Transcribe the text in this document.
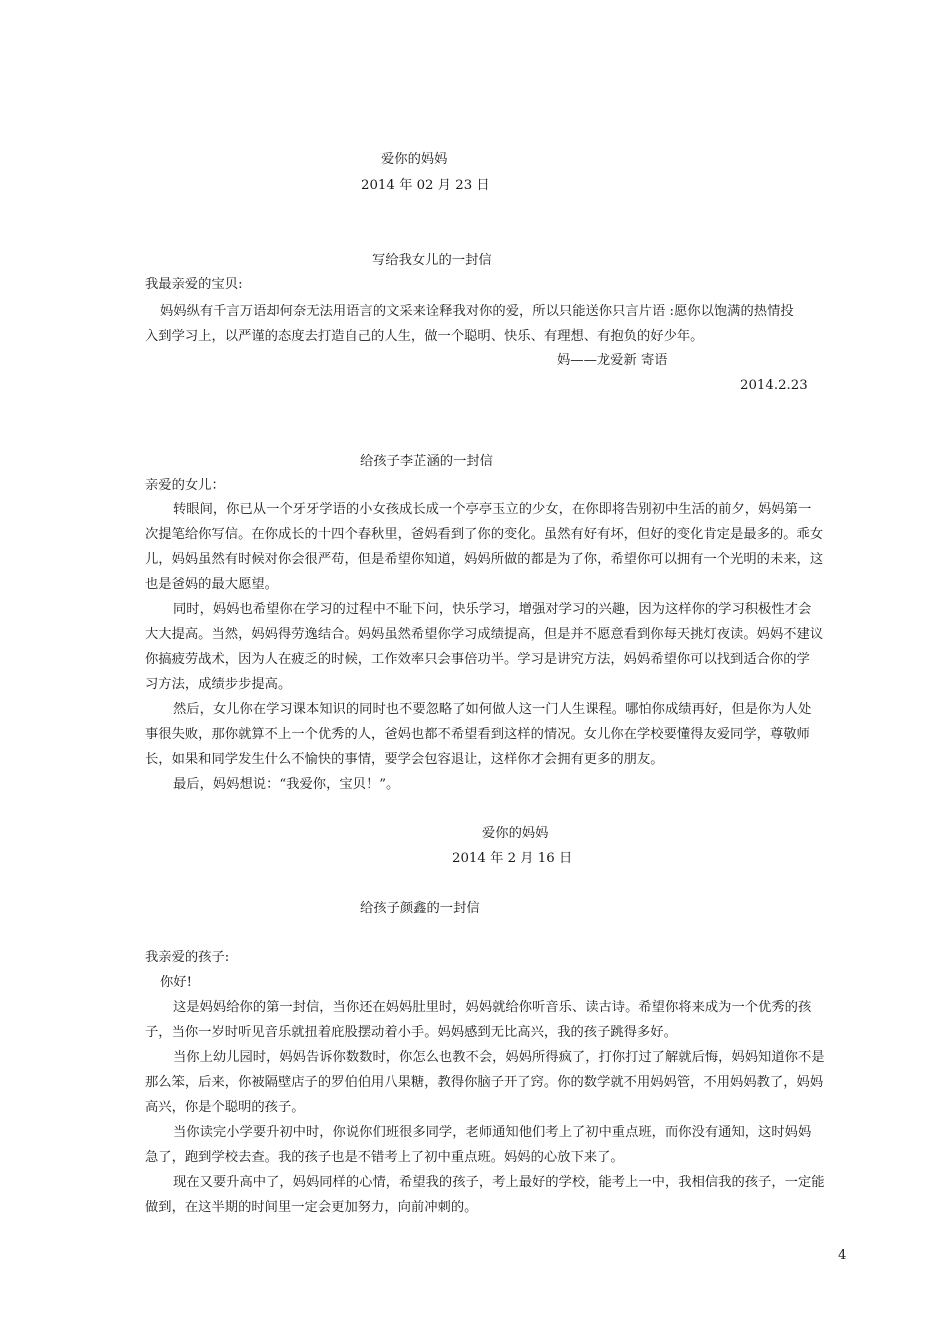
爱你的妈妈
2014 年 02 月 23 日
写给我女儿的一封信
我最亲爱的宝贝:
妈妈纵有千言万语却何奈无法用语言的文采来诠释我对你的爱，所以只能送你只言片语 :愿你以饱满的热情投
入到学习上，以严谨的态度去打造自己的人生，做一个聪明、快乐、有理想、有抱负的好少年。
妈——龙爱新 寄语
2014.2.23
给孩子李芷涵的一封信
亲爱的女儿：
转眼间，你已从一个牙牙学语的小女孩成长成一个亭亭玉立的少女，在你即将告别初中生活的前夕，妈妈第一
次提笔给你写信。在你成长的十四个春秋里，爸妈看到了你的变化。虽然有好有坏，但好的变化肯定是最多的。乖女
儿，妈妈虽然有时候对你会很严苟，但是希望你知道，妈妈所做的都是为了你，希望你可以拥有一个光明的未来，这
也是爸妈的最大愿望。
同时，妈妈也希望你在学习的过程中不耻下问，快乐学习，增强对学习的兴趣，因为这样你的学习积极性才会
大大提高。当然，妈妈得劳逸结合。妈妈虽然希望你学习成绩提高，但是并不愿意看到你每天挑灯夜读。妈妈不建议
你搞疲劳战术，因为人在疲乏的时候，工作效率只会事倍功半。学习是讲究方法，妈妈希望你可以找到适合你的学
习方法，成绩步步提高。
然后，女儿你在学习课本知识的同时也不要忽略了如何做人这一门人生课程。哪怕你成绩再好，但是你为人处
事很失败，那你就算不上一个优秀的人，爸妈也都不希望看到这样的情况。女儿你在学校要懂得友爱同学，尊敬师
长，如果和同学发生什么不愉快的事情，要学会包容退让，这样你才会拥有更多的朋友。
最后，妈妈想说：“我爱你，宝贝！”。
爱你的妈妈
2014 年 2 月 16 日
给孩子颜鑫的一封信
我亲爱的孩子:
你好!
这是妈妈给你的第一封信，当你还在妈妈肚里时，妈妈就给你听音乐、读古诗。希望你将来成为一个优秀的孩
子，当你一岁时听见音乐就扭着庇股摆动着小手。妈妈感到无比高兴，我的孩子跳得多好。
当你上幼儿园时，妈妈告诉你数数时，你怎么也教不会，妈妈所得疯了，打你打过了解就后悔，妈妈知道你不是
那么笨，后来，你被隔壁店子的罗伯伯用八果糖，教得你脑子开了窍。你的数学就不用妈妈管，不用妈妈教了，妈妈
高兴，你是个聪明的孩子。
当你读完小学要升初中时，你说你们班很多同学，老师通知他们考上了初中重点班，而你没有通知，这时妈妈
急了，跑到学校去查。我的孩子也是不错考上了初中重点班。妈妈的心放下来了。
现在又要升高中了，妈妈同样的心情，希望我的孩子，考上最好的学校，能考上一中，我相信我的孩子，一定能
做到，在这半期的时间里一定会更加努力，向前冲刺的。
4
